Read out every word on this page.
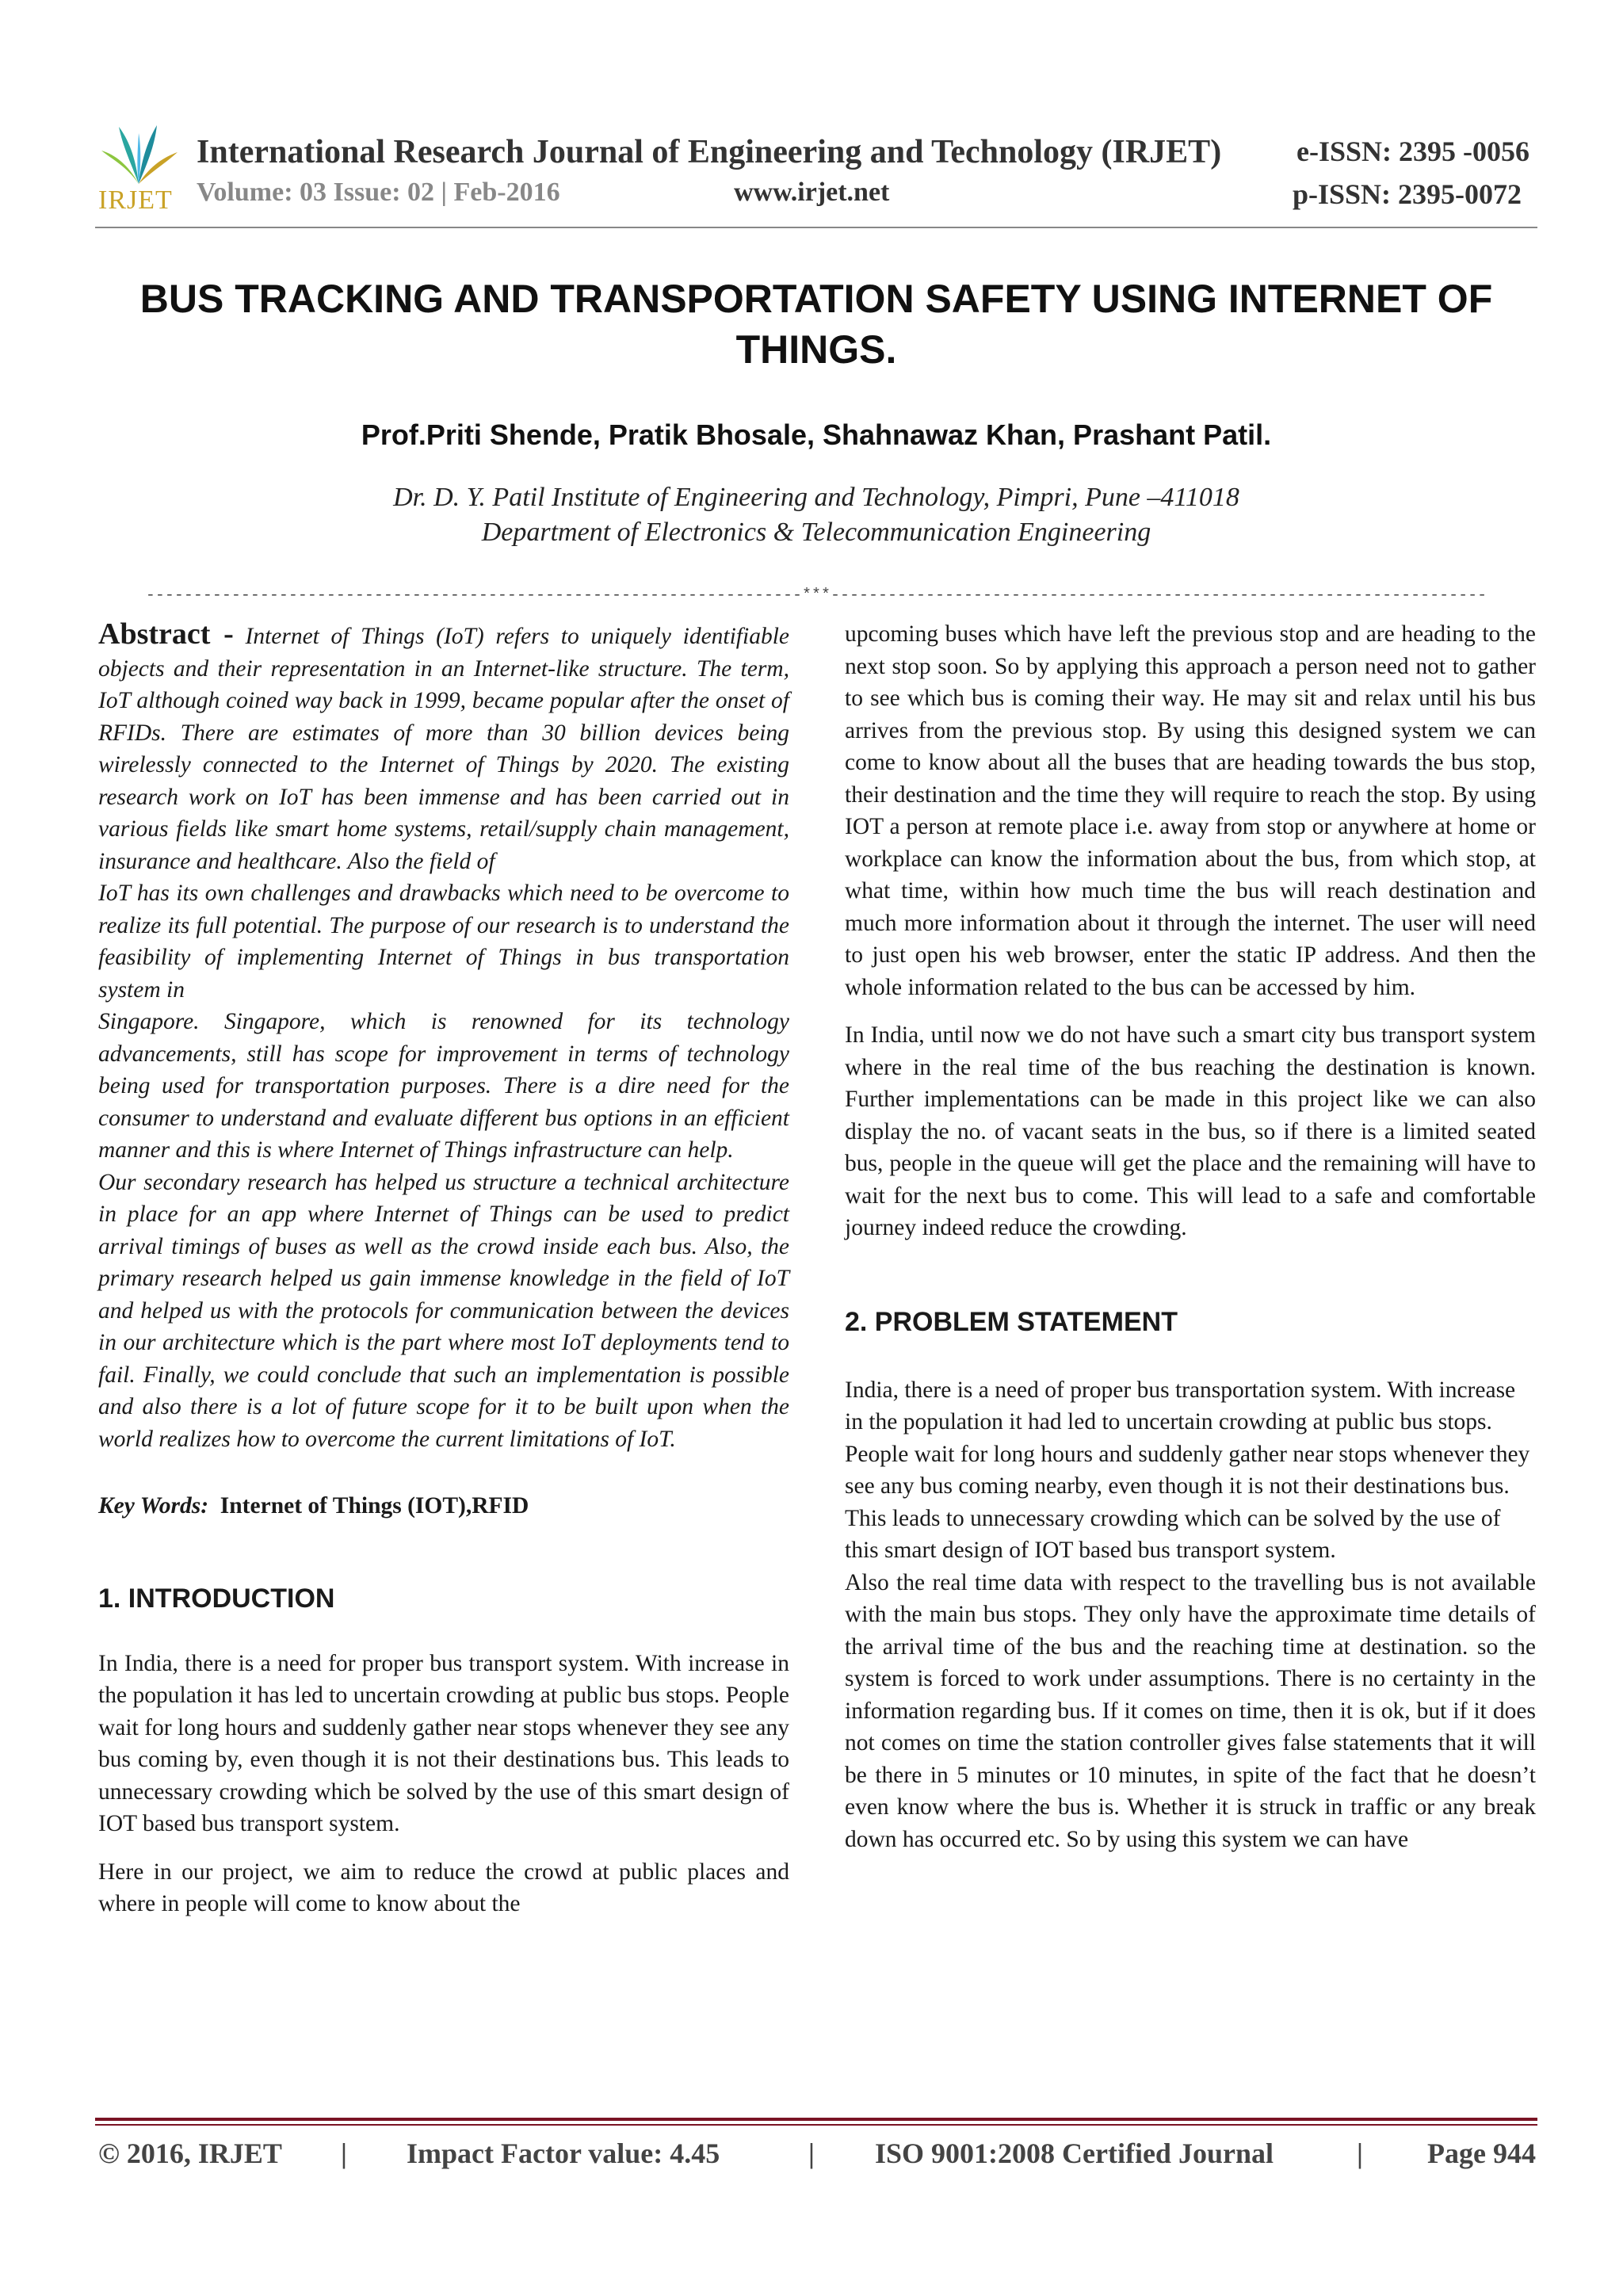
IRJET
International Research Journal of Engineering and Technology (IRJET)
Volume: 03 Issue: 02 | Feb-2016	www.irjet.net
e-ISSN: 2395 -0056
p-ISSN: 2395-0072
BUS TRACKING AND TRANSPORTATION SAFETY USING INTERNET OF
THINGS.
Prof.Priti Shende, Pratik Bhosale, Shahnawaz Khan, Prashant Patil.
Dr. D. Y. Patil Institute of Engineering and Technology, Pimpri, Pune –411018
Department of Electronics & Telecommunication Engineering
---------------------------------------------------------------------***---------------------------------------------------------------------
Abstract - Internet of Things (IoT) refers to uniquely identifiable objects and their representation in an Internet-like structure. The term, IoT although coined way back in 1999, became popular after the onset of RFIDs. There are estimates of more than 30 billion devices being wirelessly connected to the Internet of Things by 2020. The existing research work on IoT has been immense and has been carried out in various fields like smart home systems, retail/supply chain management, insurance and healthcare. Also the field of
IoT has its own challenges and drawbacks which need to be overcome to realize its full potential. The purpose of our research is to understand the feasibility of implementing Internet of Things in bus transportation system in
Singapore. Singapore, which is renowned for its technology advancements, still has scope for improvement in terms of technology being used for transportation purposes. There is a dire need for the consumer to understand and evaluate different bus options in an efficient manner and this is where Internet of Things infrastructure can help.
Our secondary research has helped us structure a technical architecture in place for an app where Internet of Things can be used to predict arrival timings of buses as well as the crowd inside each bus. Also, the primary research helped us gain immense knowledge in the field of IoT and helped us with the protocols for communication between the devices in our architecture which is the part where most IoT deployments tend to fail. Finally, we could conclude that such an implementation is possible and also there is a lot of future scope for it to be built upon when the world realizes how to overcome the current limitations of IoT.
Key Words: Internet of Things (IOT),RFID
1. INTRODUCTION
In India, there is a need for proper bus transport system. With increase in the population it has led to uncertain crowding at public bus stops. People wait for long hours and suddenly gather near stops whenever they see any bus coming by, even though it is not their destinations bus. This leads to unnecessary crowding which be solved by the use of this smart design of IOT based bus transport system.
Here in our project, we aim to reduce the crowd at public places and where in people will come to know about the
upcoming buses which have left the previous stop and are heading to the next stop soon. So by applying this approach a person need not to gather to see which bus is coming their way. He may sit and relax until his bus arrives from the previous stop. By using this designed system we can come to know about all the buses that are heading towards the bus stop, their destination and the time they will require to reach the stop. By using IOT a person at remote place i.e. away from stop or anywhere at home or workplace can know the information about the bus, from which stop, at what time, within how much time the bus will reach destination and much more information about it through the internet. The user will need to just open his web browser, enter the static IP address. And then the whole information related to the bus can be accessed by him.
In India, until now we do not have such a smart city bus transport system where in the real time of the bus reaching the destination is known. Further implementations can be made in this project like we can also display the no. of vacant seats in the bus, so if there is a limited seated bus, people in the queue will get the place and the remaining will have to wait for the next bus to come. This will lead to a safe and comfortable journey indeed reduce the crowding.
2. PROBLEM STATEMENT
India, there is a need of proper bus transportation system. With increase in the population it had led to uncertain crowding at public bus stops. People wait for long hours and suddenly gather near stops whenever they see any bus coming nearby, even though it is not their destinations bus. This leads to unnecessary crowding which can be solved by the use of this smart design of IOT based bus transport system.
Also the real time data with respect to the travelling bus is not available with the main bus stops. They only have the approximate time details of the arrival time of the bus and the reaching time at destination. so the system is forced to work under assumptions. There is no certainty in the information regarding bus. If it comes on time, then it is ok, but if it does not comes on time the station controller gives false statements that it will be there in 5 minutes or 10 minutes, in spite of the fact that he doesn’t even know where the bus is. Whether it is struck in traffic or any break down has occurred etc. So by using this system we can have
© 2016, IRJET | Impact Factor value: 4.45	| ISO 9001:2008 Certified Journal	| Page 944
